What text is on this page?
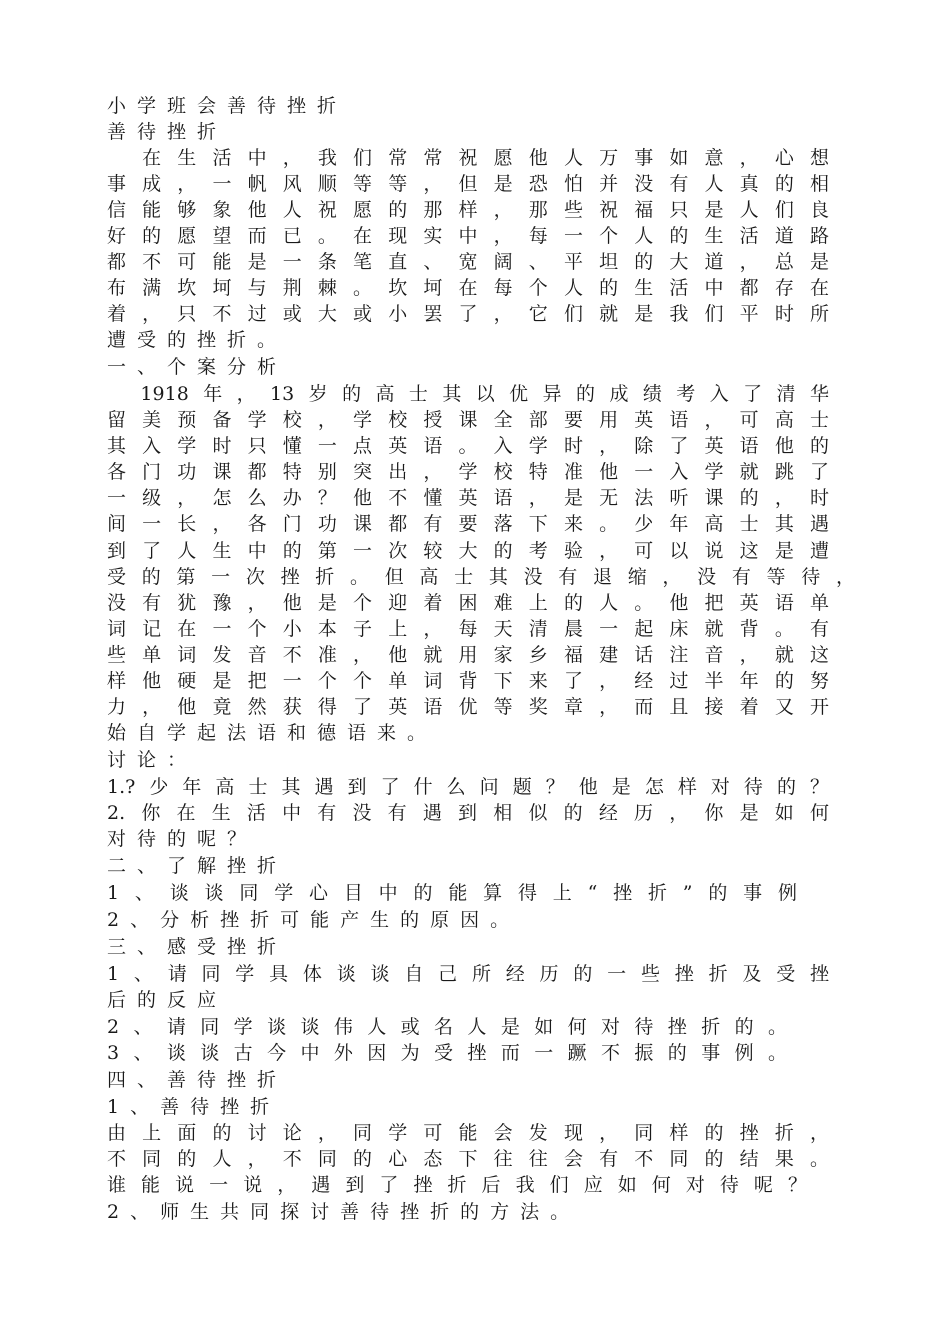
小学班会善待挫折
善待挫折
　在生活中，我们常常祝愿他人万事如意，心想
事成，一帆风顺等等，但是恐怕并没有人真的相
信能够象他人祝愿的那样，那些祝福只是人们良
好的愿望而已。在现实中，每一个人的生活道路
都不可能是一条笔直、宽阔、平坦的大道，总是
布满坎坷与荆棘。坎坷在每个人的生活中都存在
着，只不过或大或小罢了，它们就是我们平时所
遭受的挫折。
一、个案分析
　1918年，13岁的高士其以优异的成绩考入了清华
留美预备学校，学校授课全部要用英语，可高士
其入学时只懂一点英语。入学时，除了英语他的
各门功课都特别突出，学校特准他一入学就跳了
一级，怎么办？他不懂英语，是无法听课的，时
间一长，各门功课都有要落下来。少年高士其遇
到了人生中的第一次较大的考验，可以说这是遭
受的第一次挫折。但高士其没有退缩，没有等待，
没有犹豫，他是个迎着困难上的人。他把英语单
词记在一个小本子上，每天清晨一起床就背。有
些单词发音不准，他就用家乡福建话注音，就这
样他硬是把一个个单词背下来了，经过半年的努
力，他竟然获得了英语优等奖章，而且接着又开
始自学起法语和德语来。
讨论：
1.?少年高士其遇到了什么问题？他是怎样对待的？
2.你在生活中有没有遇到相似的经历，你是如何
对待的呢？
二、了解挫折
1、谈谈同学心目中的能算得上“挫折”的事例
2、分析挫折可能产生的原因。
三、感受挫折
1、请同学具体谈谈自己所经历的一些挫折及受挫
后的反应
2、请同学谈谈伟人或名人是如何对待挫折的。
3、谈谈古今中外因为受挫而一蹶不振的事例。
四、善待挫折
1、善待挫折
由上面的讨论，同学可能会发现，同样的挫折，
不同的人，不同的心态下往往会有不同的结果。
谁能说一说，遇到了挫折后我们应如何对待呢？
2、师生共同探讨善待挫折的方法。
